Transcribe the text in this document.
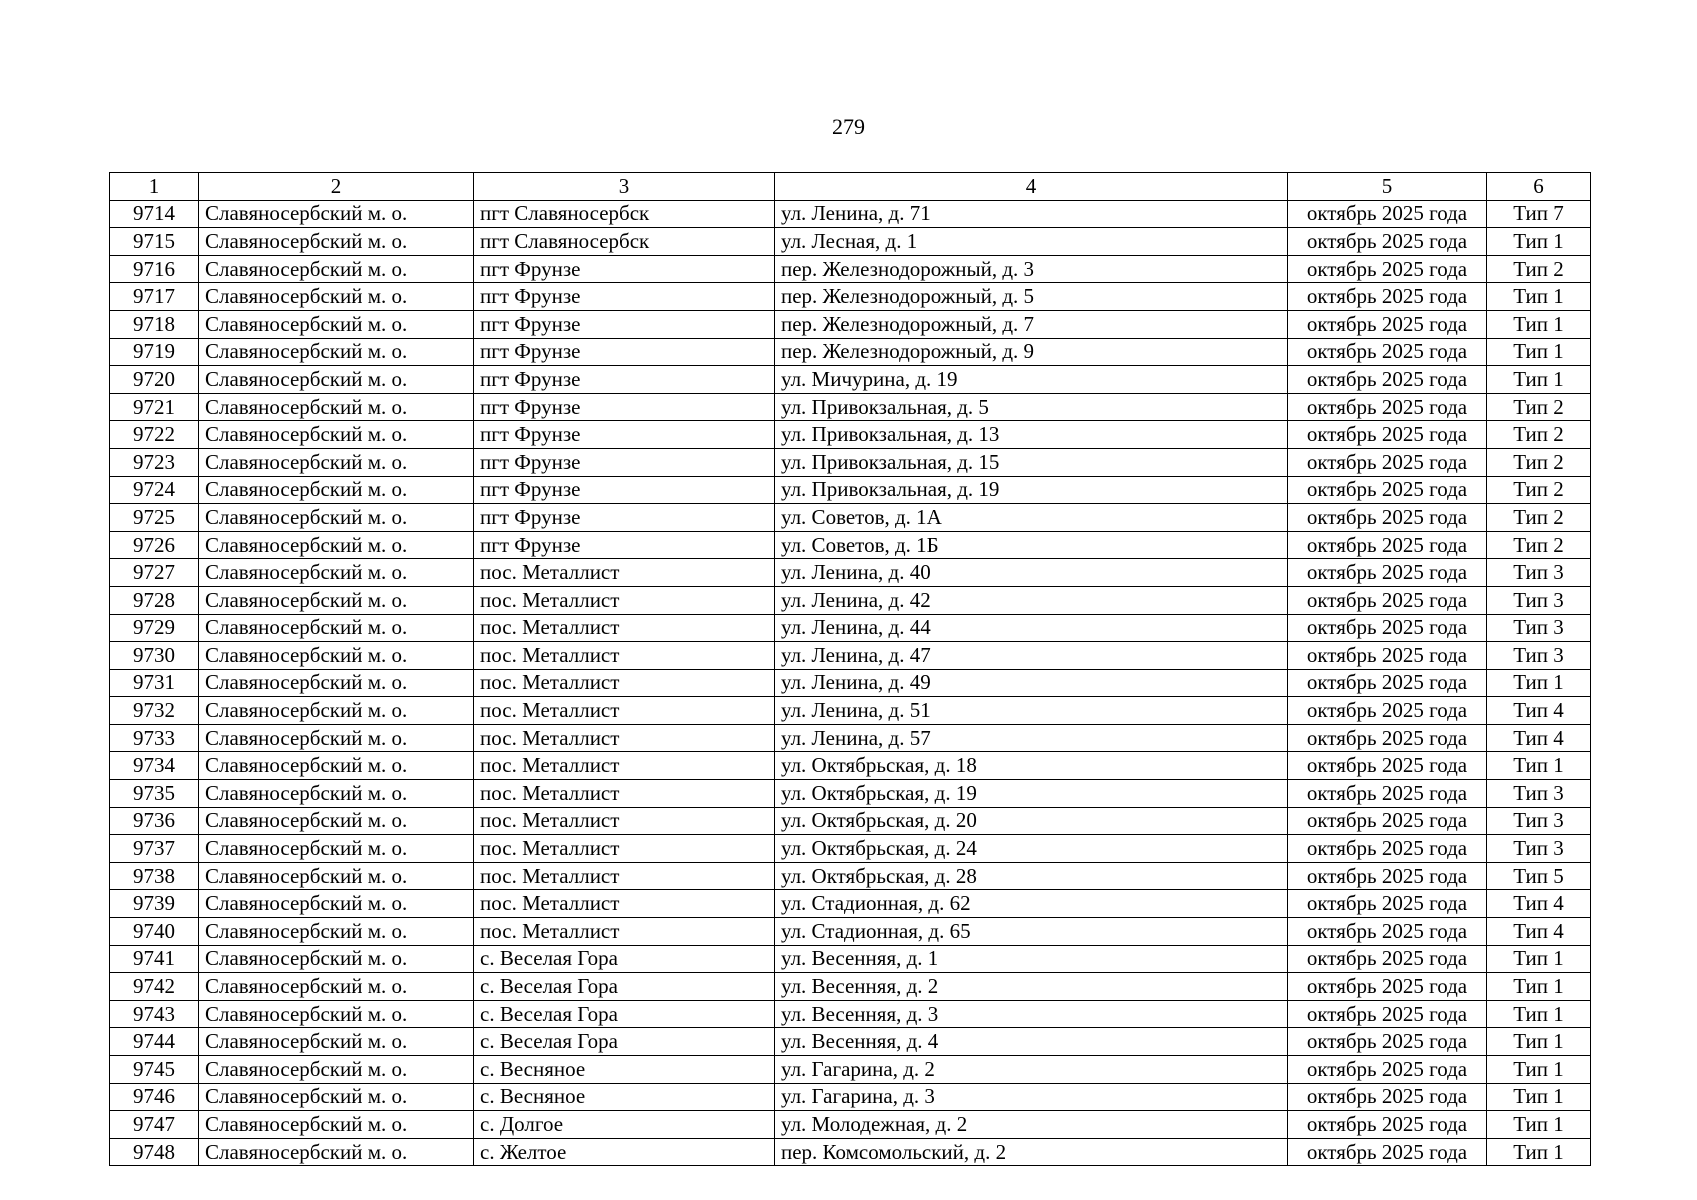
279
1	2	3	4	5	6
9714	Славяносербский м. о.	пгт Славяносербск	ул. Ленина, д. 71	октябрь 2025 года	Тип 7
9715	Славяносербский м. о.	пгт Славяносербск	ул. Лесная, д. 1	октябрь 2025 года	Тип 1
9716	Славяносербский м. о.	пгт Фрунзе	пер. Железнодорожный, д. 3	октябрь 2025 года	Тип 2
9717	Славяносербский м. о.	пгт Фрунзе	пер. Железнодорожный, д. 5	октябрь 2025 года	Тип 1
9718	Славяносербский м. о.	пгт Фрунзе	пер. Железнодорожный, д. 7	октябрь 2025 года	Тип 1
9719	Славяносербский м. о.	пгт Фрунзе	пер. Железнодорожный, д. 9	октябрь 2025 года	Тип 1
9720	Славяносербский м. о.	пгт Фрунзе	ул. Мичурина, д. 19	октябрь 2025 года	Тип 1
9721	Славяносербский м. о.	пгт Фрунзе	ул. Привокзальная, д. 5	октябрь 2025 года	Тип 2
9722	Славяносербский м. о.	пгт Фрунзе	ул. Привокзальная, д. 13	октябрь 2025 года	Тип 2
9723	Славяносербский м. о.	пгт Фрунзе	ул. Привокзальная, д. 15	октябрь 2025 года	Тип 2
9724	Славяносербский м. о.	пгт Фрунзе	ул. Привокзальная, д. 19	октябрь 2025 года	Тип 2
9725	Славяносербский м. о.	пгт Фрунзе	ул. Советов, д. 1А	октябрь 2025 года	Тип 2
9726	Славяносербский м. о.	пгт Фрунзе	ул. Советов, д. 1Б	октябрь 2025 года	Тип 2
9727	Славяносербский м. о.	пос. Металлист	ул. Ленина, д. 40	октябрь 2025 года	Тип 3
9728	Славяносербский м. о.	пос. Металлист	ул. Ленина, д. 42	октябрь 2025 года	Тип 3
9729	Славяносербский м. о.	пос. Металлист	ул. Ленина, д. 44	октябрь 2025 года	Тип 3
9730	Славяносербский м. о.	пос. Металлист	ул. Ленина, д. 47	октябрь 2025 года	Тип 3
9731	Славяносербский м. о.	пос. Металлист	ул. Ленина, д. 49	октябрь 2025 года	Тип 1
9732	Славяносербский м. о.	пос. Металлист	ул. Ленина, д. 51	октябрь 2025 года	Тип 4
9733	Славяносербский м. о.	пос. Металлист	ул. Ленина, д. 57	октябрь 2025 года	Тип 4
9734	Славяносербский м. о.	пос. Металлист	ул. Октябрьская, д. 18	октябрь 2025 года	Тип 1
9735	Славяносербский м. о.	пос. Металлист	ул. Октябрьская, д. 19	октябрь 2025 года	Тип 3
9736	Славяносербский м. о.	пос. Металлист	ул. Октябрьская, д. 20	октябрь 2025 года	Тип 3
9737	Славяносербский м. о.	пос. Металлист	ул. Октябрьская, д. 24	октябрь 2025 года	Тип 3
9738	Славяносербский м. о.	пос. Металлист	ул. Октябрьская, д. 28	октябрь 2025 года	Тип 5
9739	Славяносербский м. о.	пос. Металлист	ул. Стадионная, д. 62	октябрь 2025 года	Тип 4
9740	Славяносербский м. о.	пос. Металлист	ул. Стадионная, д. 65	октябрь 2025 года	Тип 4
9741	Славяносербский м. о.	с. Веселая Гора	ул. Весенняя, д. 1	октябрь 2025 года	Тип 1
9742	Славяносербский м. о.	с. Веселая Гора	ул. Весенняя, д. 2	октябрь 2025 года	Тип 1
9743	Славяносербский м. о.	с. Веселая Гора	ул. Весенняя, д. 3	октябрь 2025 года	Тип 1
9744	Славяносербский м. о.	с. Веселая Гора	ул. Весенняя, д. 4	октябрь 2025 года	Тип 1
9745	Славяносербский м. о.	с. Весняное	ул. Гагарина, д. 2	октябрь 2025 года	Тип 1
9746	Славяносербский м. о.	с. Весняное	ул. Гагарина, д. 3	октябрь 2025 года	Тип 1
9747	Славяносербский м. о.	с. Долгое	ул. Молодежная, д. 2	октябрь 2025 года	Тип 1
9748	Славяносербский м. о.	с. Желтое	пер. Комсомольский, д. 2	октябрь 2025 года	Тип 1
